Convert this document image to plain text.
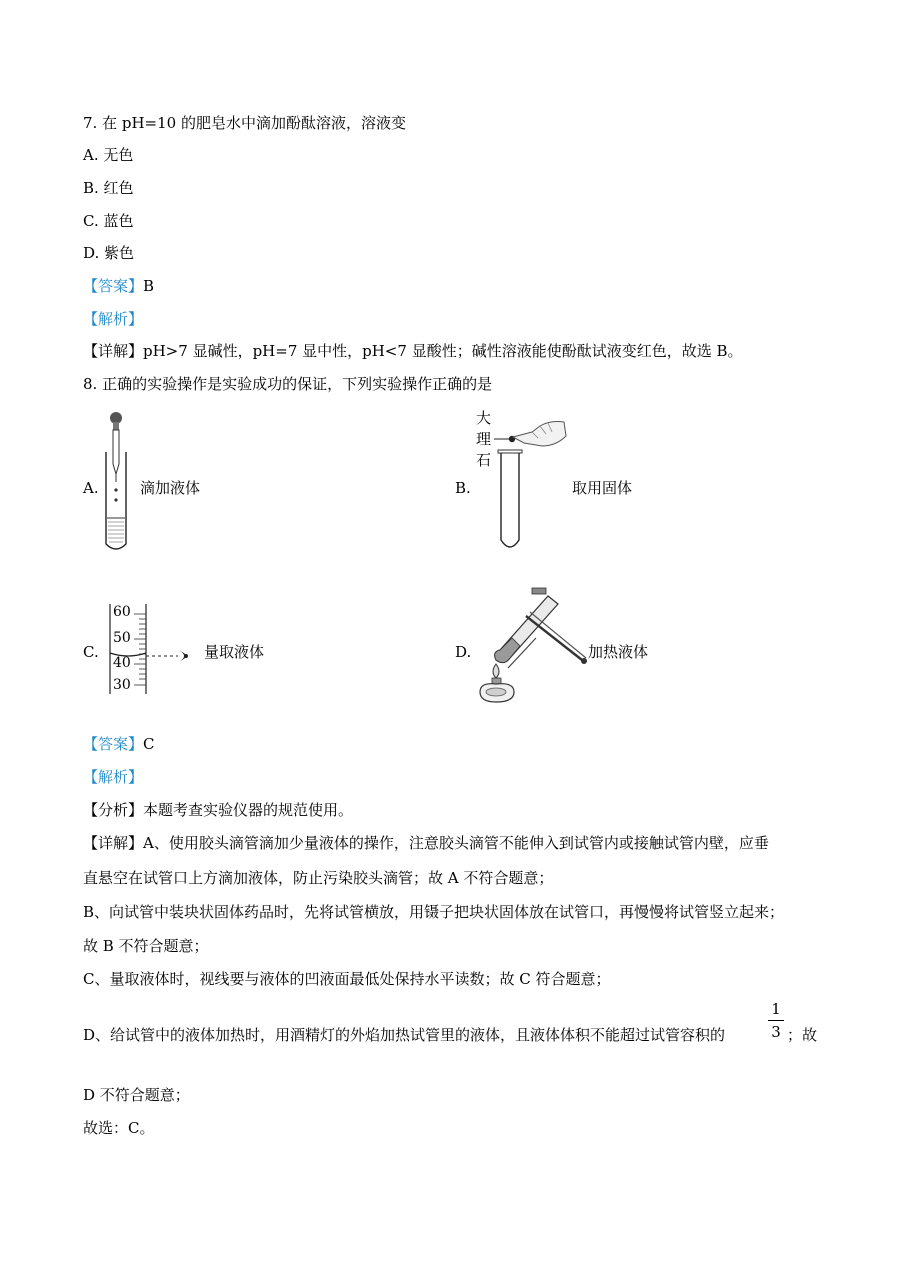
7. 在 pH=10 的肥皂水中滴加酚酞溶液，溶液变
A. 无色
B. 红色
C. 蓝色
D. 紫色
【答案】B
【解析】
【详解】pH>7 显碱性，pH=7 显中性，pH<7 显酸性；碱性溶液能使酚酞试液变红色，故选 B。
8. 正确的实验操作是实验成功的保证，下列实验操作正确的是
A.	滴加液体	B.
大
理
石
取用固体
C.
60
50
40
30
量取液体	D.	加热液体
【答案】C
【解析】
【分析】本题考查实验仪器的规范使用。
【详解】A、使用胶头滴管滴加少量液体的操作，注意胶头滴管不能伸入到试管内或接触试管内壁，应垂
直悬空在试管口上方滴加液体，防止污染胶头滴管；故 A 不符合题意；
B、向试管中装块状固体药品时，先将试管横放，用镊子把块状固体放在试管口，再慢慢将试管竖立起来；
故 B 不符合题意；
C、量取液体时，视线要与液体的凹液面最低处保持水平读数；故 C 符合题意；
D、给试管中的液体加热时，用酒精灯的外焰加热试管里的液体，且液体体积不能超过试管容积的
1
3 ；故
D 不符合题意；
故选：C。
